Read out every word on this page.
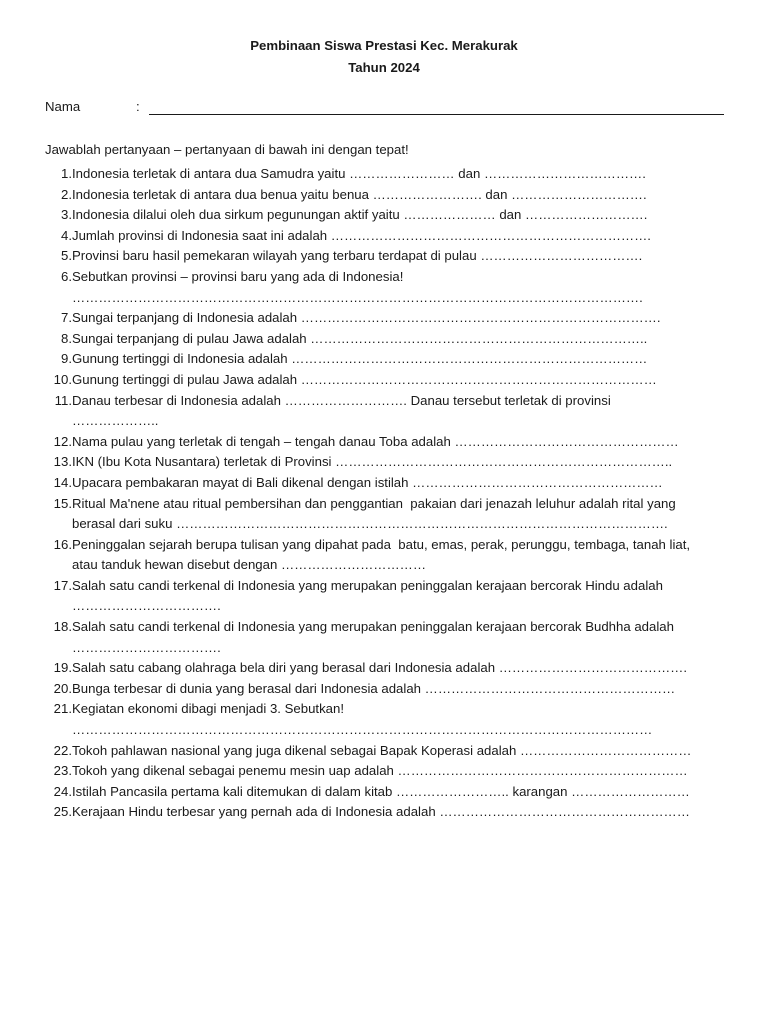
Pembinaan Siswa Prestasi Kec. Merakurak
Tahun 2024
Nama	:
Jawablah pertanyaan – pertanyaan di bawah ini dengan tepat!
1. Indonesia terletak di antara dua Samudra yaitu …………………… dan ……………………………….
2. Indonesia terletak di antara dua benua yaitu benua ……………………. dan ………………………….
3. Indonesia dilalui oleh dua sirkum pegunungan aktif yaitu ………………… dan ……………………….
4. Jumlah provinsi di Indonesia saat ini adalah ……………………………………………………………….
5. Provinsi baru hasil pemekaran wilayah yang terbaru terdapat di pulau ……………………………….
6. Sebutkan provinsi – provinsi baru yang ada di Indonesia!
………………………………………………………………………………………………………………….
7. Sungai terpanjang di Indonesia adalah ……………………………………………………………………….
8. Sungai terpanjang di pulau Jawa adalah …………………………………………………………………..
9. Gunung tertinggi di Indonesia adalah ………………………………………………………………………
10. Gunung tertinggi di pulau Jawa adalah ………………………………………………………………………
11. Danau terbesar di Indonesia adalah ………………………. Danau tersebut terletak di provinsi
………………..
12. Nama pulau yang terletak di tengah – tengah danau Toba adalah ……………………………………………
13. IKN (Ibu Kota Nusantara) terletak di Provinsi …………………………………………………………………..
14. Upacara pembakaran mayat di Bali dikenal dengan istilah …………………………………………………
15. Ritual Ma'nene atau ritual pembersihan dan penggantian  pakaian dari jenazah leluhur adalah rital yang
berasal dari suku ………………………………………………………………………………………………….
16. Peninggalan sejarah berupa tulisan yang dipahat pada  batu, emas, perak, perunggu, tembaga, tanah liat,
atau tanduk hewan disebut dengan ……………………………
17. Salah satu candi terkenal di Indonesia yang merupakan peninggalan kerajaan bercorak Hindu adalah
…………………………….
18. Salah satu candi terkenal di Indonesia yang merupakan peninggalan kerajaan bercorak Budhha adalah
…………………………….
19. Salah satu cabang olahraga bela diri yang berasal dari Indonesia adalah …………………………………….
20. Bunga terbesar di dunia yang berasal dari Indonesia adalah …………………………………………………
21. Kegiatan ekonomi dibagi menjadi 3. Sebutkan!
……………………………………………………………………………………………………………………
22. Tokoh pahlawan nasional yang juga dikenal sebagai Bapak Koperasi adalah …………………………………
23. Tokoh yang dikenal sebagai penemu mesin uap adalah …………………………………………………………
24. Istilah Pancasila pertama kali ditemukan di dalam kitab …………………….. karangan ………………………
25. Kerajaan Hindu terbesar yang pernah ada di Indonesia adalah …………………………………………………
